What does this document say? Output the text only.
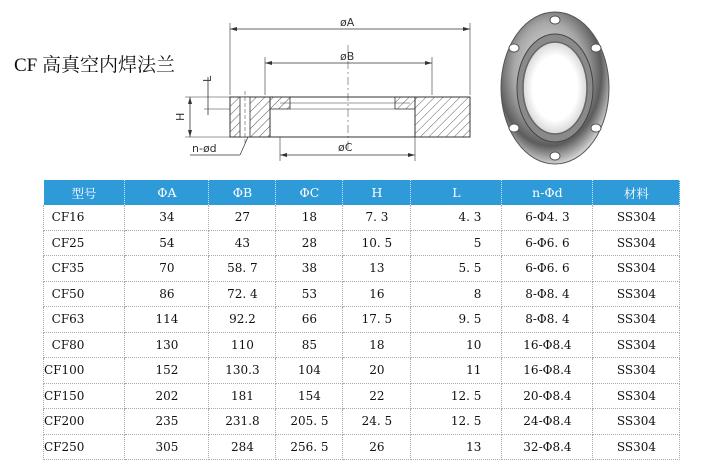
CF 高真空内焊法兰
øA
øB
H
L
øC
n-ød
型号	ΦA	ΦB	ΦC	H	L	n-Φd	材料
CF16	34	27	18	7. 3	4. 3	6-Φ4. 3	SS304
CF25	54	43	28	10. 5	5	6-Φ6. 6	SS304
CF35	70	58. 7	38	13	5. 5	6-Φ6. 6	SS304
CF50	86	72. 4	53	16	8	8-Φ8. 4	SS304
CF63	114	92.2	66	17. 5	9. 5	8-Φ8. 4	SS304
CF80	130	110	85	18	10	16-Φ8.4	SS304
CF100	152	130.3	104	20	11	16-Φ8.4	SS304
CF150	202	181	154	22	12. 5	20-Φ8.4	SS304
CF200	235	231.8	205. 5	24. 5	12. 5	24-Φ8.4	SS304
CF250	305	284	256. 5	26	13	32-Φ8.4	SS304
